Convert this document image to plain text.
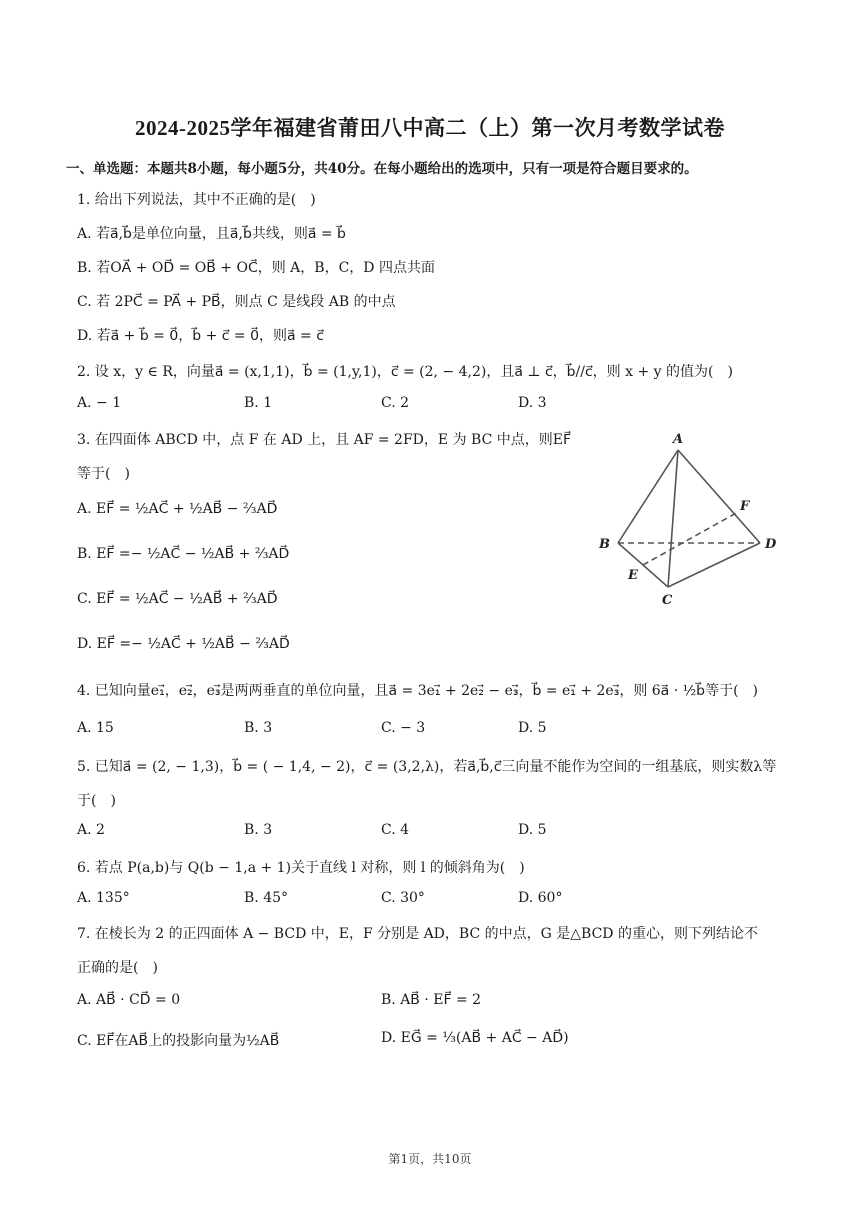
2024-2025学年福建省莆田八中高二（上）第一次月考数学试卷
一、单选题：本题共8小题，每小题5分，共40分。在每小题给出的选项中，只有一项是符合题目要求的。
1. 给出下列说法，其中不正确的是(　)
A. 若a⃗,b⃗是单位向量，且a⃗,b⃗共线，则a⃗ = b⃗
B. 若OA⃗ + OD⃗ = OB⃗ + OC⃗，则 A，B，C，D 四点共面
C. 若 2PC⃗ = PA⃗ + PB⃗，则点 C 是线段 AB 的中点
D. 若a⃗ + b⃗ = 0⃗，b⃗ + c⃗ = 0⃗，则a⃗ = c⃗
2. 设 x，y ∈ R，向量a⃗ = (x,1,1)，b⃗ = (1,y,1)，c⃗ = (2, − 4,2)，且a⃗ ⊥ c⃗，b⃗//c⃗，则 x + y 的值为(　)
A. − 1	B. 1	C. 2	D. 3
3. 在四面体 ABCD 中，点 F 在 AD 上，且 AF = 2FD，E 为 BC 中点，则EF⃗
等于(　)
A. EF⃗ = ½AC⃗ + ½AB⃗ − ⅔AD⃗
B. EF⃗ =− ½AC⃗ − ½AB⃗ + ⅔AD⃗
C. EF⃗ = ½AC⃗ − ½AB⃗ + ⅔AD⃗
D. EF⃗ =− ½AC⃗ + ½AB⃗ − ⅔AD⃗
A
B
C
D
E
F
4. 已知向量e₁⃗，e₂⃗，e₃⃗是两两垂直的单位向量，且a⃗ = 3e₁⃗ + 2e₂⃗ − e₃⃗，b⃗ = e₁⃗ + 2e₃⃗，则 6a⃗ · ½b⃗等于(　)
A. 15	B. 3	C. − 3	D. 5
5. 已知a⃗ = (2, − 1,3)，b⃗ = ( − 1,4, − 2)，c⃗ = (3,2,λ)，若a⃗,b⃗,c⃗三向量不能作为空间的一组基底，则实数λ等
于(　)
A. 2	B. 3	C. 4	D. 5
6. 若点 P(a,b)与 Q(b − 1,a + 1)关于直线 l 对称，则 l 的倾斜角为(　)
A. 135°	B. 45°	C. 30°	D. 60°
7. 在棱长为 2 的正四面体 A − BCD 中，E，F 分别是 AD，BC 的中点，G 是△BCD 的重心，则下列结论不
正确的是(　)
A. AB⃗ · CD⃗ = 0	B. AB⃗ · EF⃗ = 2
C. EF⃗在AB⃗上的投影向量为½AB⃗	D. EG⃗ = ⅓(AB⃗ + AC⃗ − AD⃗)
第1页，共10页
